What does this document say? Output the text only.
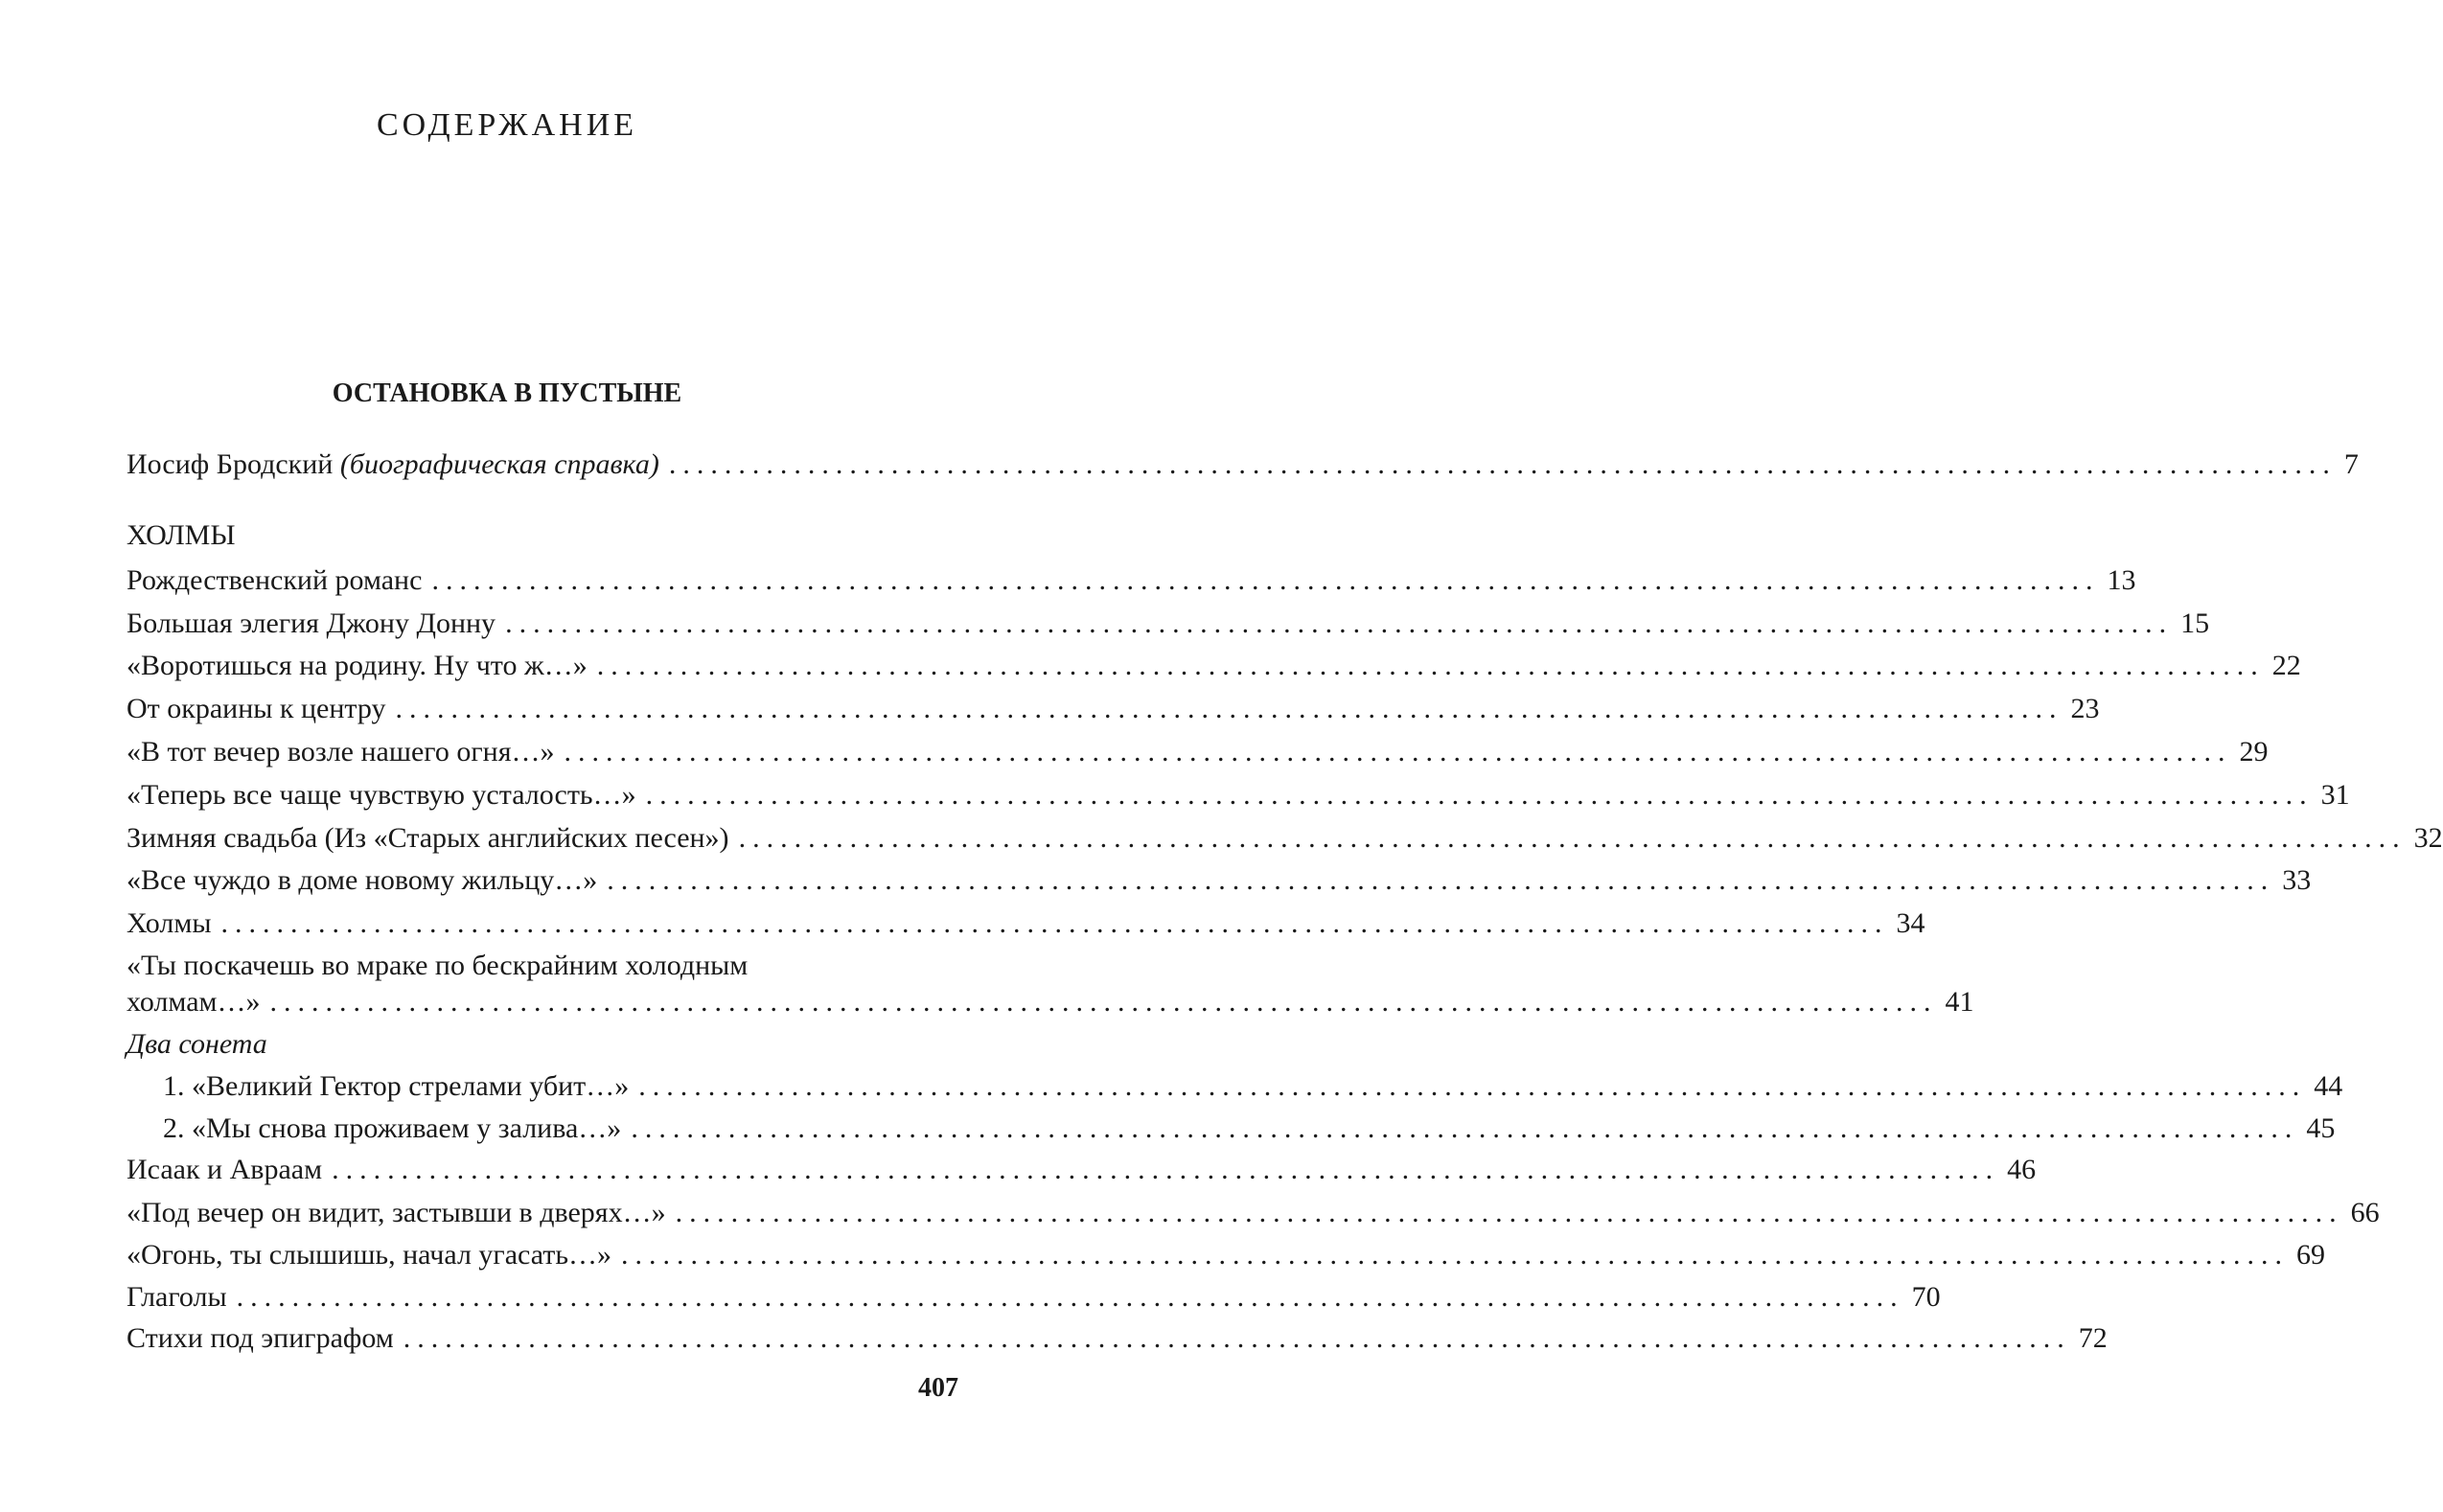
СОДЕРЖАНИЕ
ОСТАНОВКА В ПУСТЫНЕ
Иосиф Бродский (биографическая справка) ........................................................................................................................ 7
ХОЛМЫ
Рождественский романс ........................................................................................................................ 13
Большая элегия Джону Донну ........................................................................................................................ 15
«Воротишься на родину. Ну что ж…» ........................................................................................................................ 22
От окраины к центру ........................................................................................................................ 23
«В тот вечер возле нашего огня…» ........................................................................................................................ 29
«Теперь все чаще чувствую усталость…» ........................................................................................................................ 31
Зимняя свадьба (Из «Старых английских песен») ........................................................................................................................ 32
«Все чуждо в доме новому жильцу…» ........................................................................................................................ 33
Холмы ........................................................................................................................ 34
«Ты поскачешь во мраке по бескрайним холодным
холмам…» ........................................................................................................................ 41
Два сонета
1. «Великий Гектор стрелами убит…» ........................................................................................................................ 44
2. «Мы снова проживаем у залива…» ........................................................................................................................ 45
Исаак и Авраам ........................................................................................................................ 46
«Под вечер он видит, застывши в дверях…» ........................................................................................................................ 66
«Огонь, ты слышишь, начал угасать…» ........................................................................................................................ 69
Глаголы ........................................................................................................................ 70
Стихи под эпиграфом ........................................................................................................................ 72
407
